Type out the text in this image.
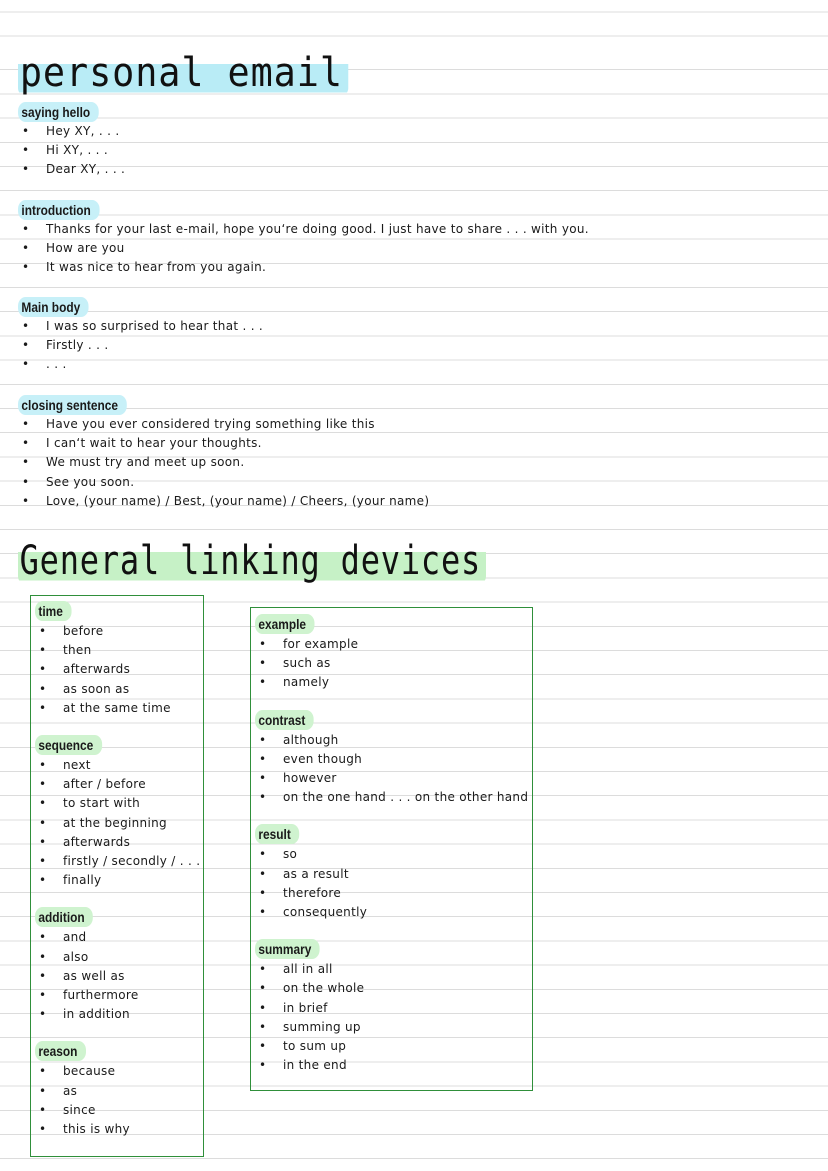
personal email
saying hello
• Hey XY, . . .
• Hi XY, . . .
• Dear XY, . . .
introduction
• Thanks for your last e-mail, hope you‘re doing good. I just have to share . . . with you.
• How are you
• It was nice to hear from you again.
Main body
• I was so surprised to hear that . . .
• Firstly . . .
• . . .
closing sentence
• Have you ever considered trying something like this
• I can‘t wait to hear your thoughts.
• We must try and meet up soon.
• See you soon.
• Love, (your name) / Best, (your name) / Cheers, (your name)
General linking devices
time
• before
• then
• afterwards
• as soon as
• at the same time
sequence
• next
• after / before
• to start with
• at the beginning
• afterwards
• firstly / secondly / . . .
• finally
addition
• and
• also
• as well as
• furthermore
• in addition
reason
• because
• as
• since
• this is why
example
• for example
• such as
• namely
contrast
• although
• even though
• however
• on the one hand . . . on the other hand
result
• so
• as a result
• therefore
• consequently
summary
• all in all
• on the whole
• in brief
• summing up
• to sum up
• in the end
